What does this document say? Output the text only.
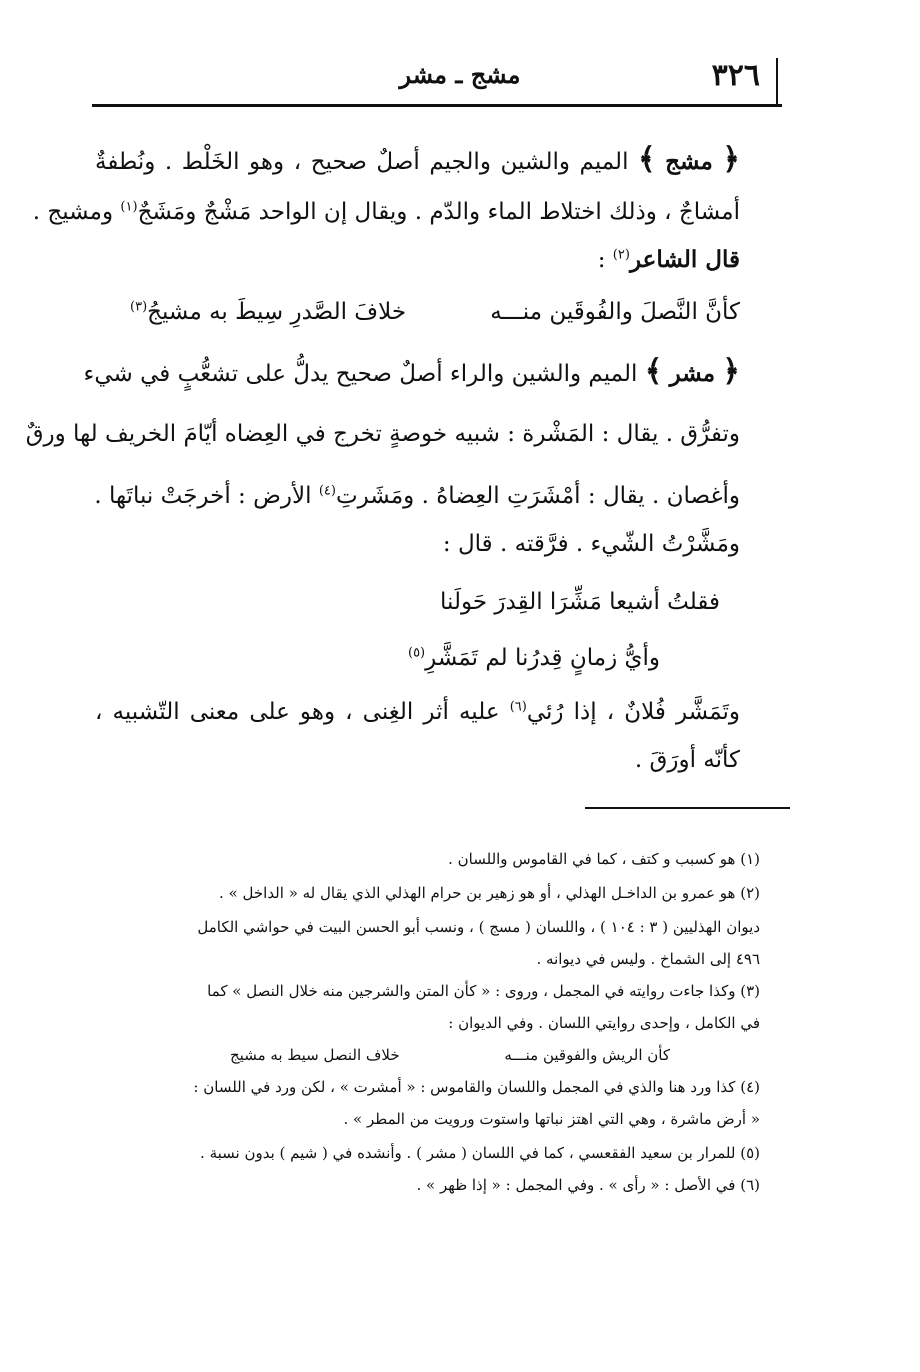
٣٢٦
مشج ـ مشر
﴿ مشج ﴾ الميم والشين والجيم أصلٌ صحيح ، وهو الخَلْط . ونُطفةٌ
أمشاجٌ ، وذلك اختلاط الماء والدّم . ويقال إن الواحد مَشْجٌ ومَشَجٌ$^{(١)}$ ومشيج .
قال الشاعر$^{(٢)}$ :
كأنَّ النَّصلَ والفُوقَين منـــه
خلافَ الصَّدرِ سِيطَ به مشيجُ$^{(٣)}$
﴿ مشر ﴾ الميم والشين والراء أصلٌ صحيح يدلُّ على تشعُّبٍ في شيء
وتفرُّق . يقال : المَشْرة : شبيه خوصةٍ تخرج في العِضاه أيّامَ الخريف لها ورقٌ
وأغصان . يقال : أمْشَرَتِ العِضاهُ . ومَشَرتِ$^{(٤)}$ الأرض : أخرجَتْ نباتَها .
ومَشَّرْتُ الشّيء . فرَّقته . قال :
فقلتُ أشيعا مَشِّرَا القِدرَ حَولَنا
وأيُّ زمانٍ قِدرُنا لم تَمَشَّرِ$^{(٥)}$
وتَمَشَّر فُلانٌ ، إذا رُئي$^{(٦)}$ عليه أثر الغِنى ، وهو على معنى التّشبيه ،
كأنّه أورَقَ .
(١) هو كسبب و كتف ، كما في القاموس واللسان .
(٢) هو عمرو بن الداخـل الهذلي ، أو هو زهير بن حرام الهذلي الذي يقال له « الداخل » .
ديوان الهذليين ( ٣ : ١٠٤ ) ، واللسان ( مسج ) ، ونسب أبو الحسن البيت في حواشي الكامل
٤٩٦ إلى الشماخ . وليس في ديوانه .
(٣) وكذا جاءت روايته في المجمل ، وروى : « كأن المتن والشرجين منه خلال النصل » كما
في الكامل ، وإحدى روايتي اللسان . وفي الديوان :
كأن الريش والفوقين منـــه
خلاف النصل سيط به مشيج
(٤) كذا ورد هنا والذي في المجمل واللسان والقاموس : « أمشرت » ، لكن ورد في اللسان :
« أرض ماشرة ، وهي التي اهتز نباتها واستوت ورويت من المطر » .
(٥) للمرار بن سعيد الفقعسي ، كما في اللسان ( مشر ) . وأنشده في ( شيم ) بدون نسبة .
(٦) في الأصل : « رأى » . وفي المجمل : « إذا ظهر » .
